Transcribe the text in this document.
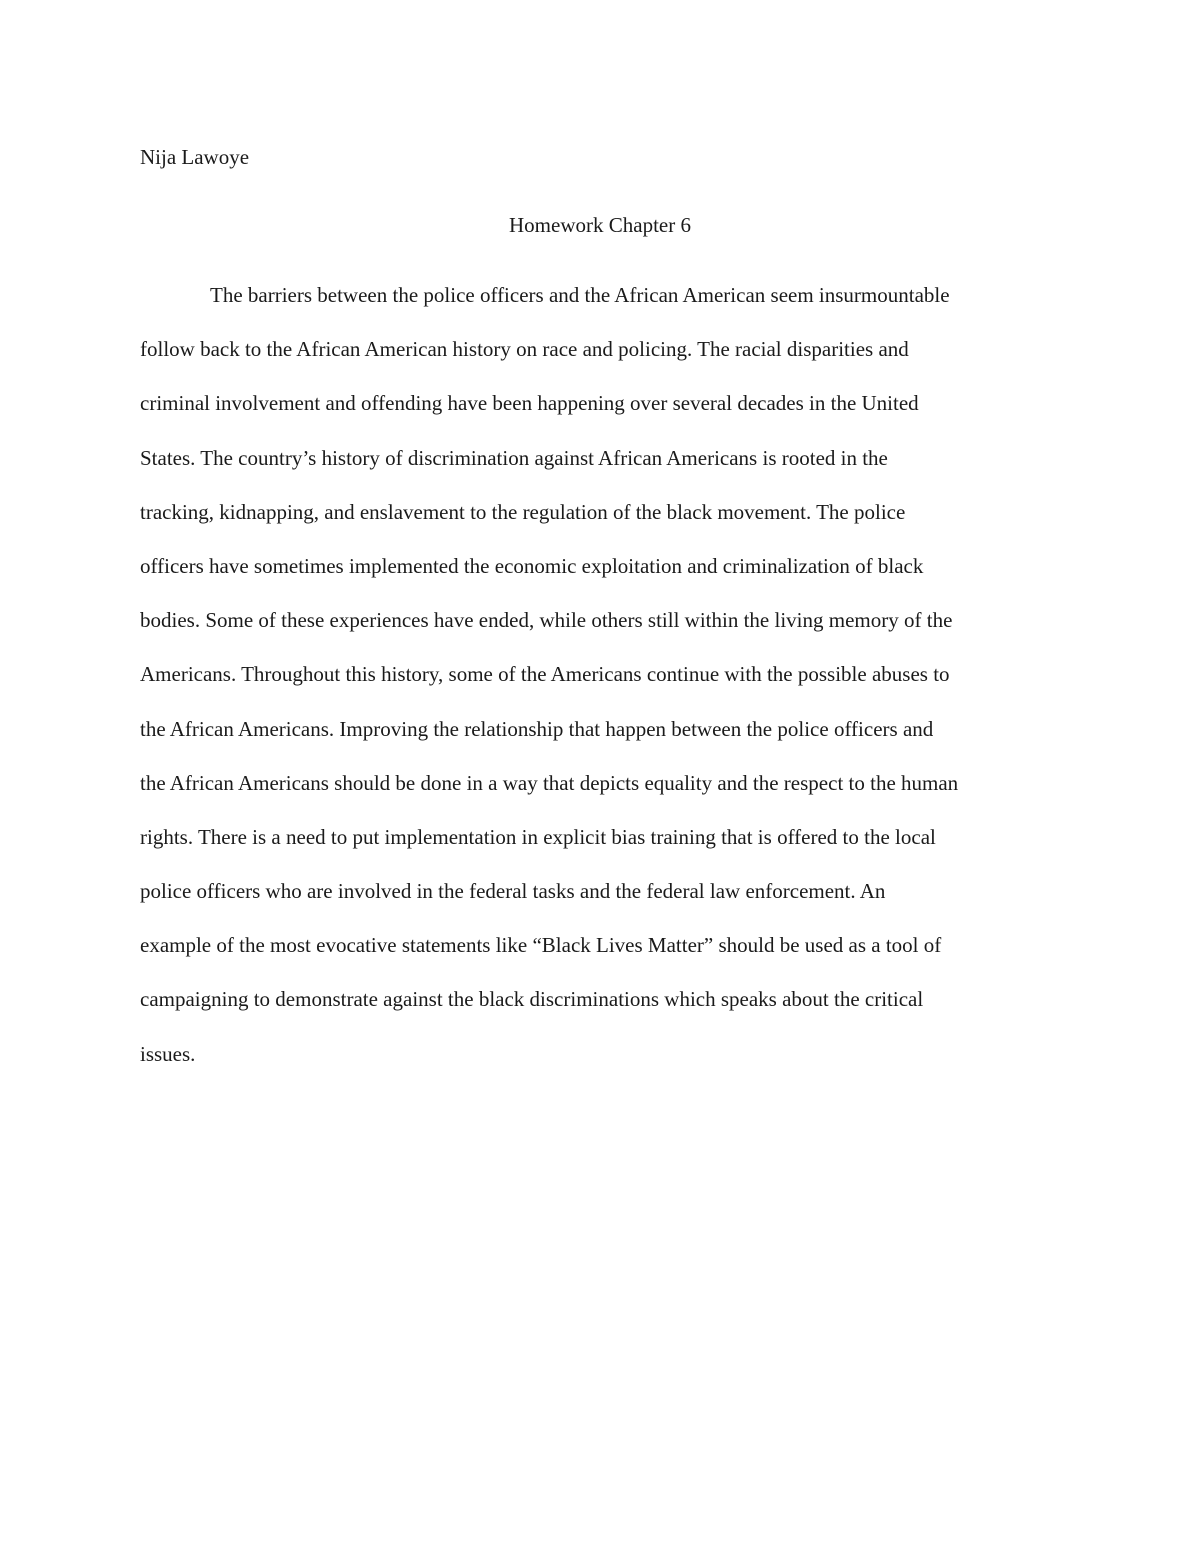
Nija Lawoye
Homework Chapter 6
The barriers between the police officers and the African American seem insurmountable
follow back to the African American history on race and policing. The racial disparities and
criminal involvement and offending have been happening over several decades in the United
States. The country’s history of discrimination against African Americans is rooted in the
tracking, kidnapping, and enslavement to the regulation of the black movement. The police
officers have sometimes implemented the economic exploitation and criminalization of black
bodies. Some of these experiences have ended, while others still within the living memory of the
Americans. Throughout this history, some of the Americans continue with the possible abuses to
the African Americans. Improving the relationship that happen between the police officers and
the African Americans should be done in a way that depicts equality and the respect to the human
rights. There is a need to put implementation in explicit bias training that is offered to the local
police officers who are involved in the federal tasks and the federal law enforcement. An
example of the most evocative statements like “Black Lives Matter” should be used as a tool of
campaigning to demonstrate against the black discriminations which speaks about the critical
issues.
